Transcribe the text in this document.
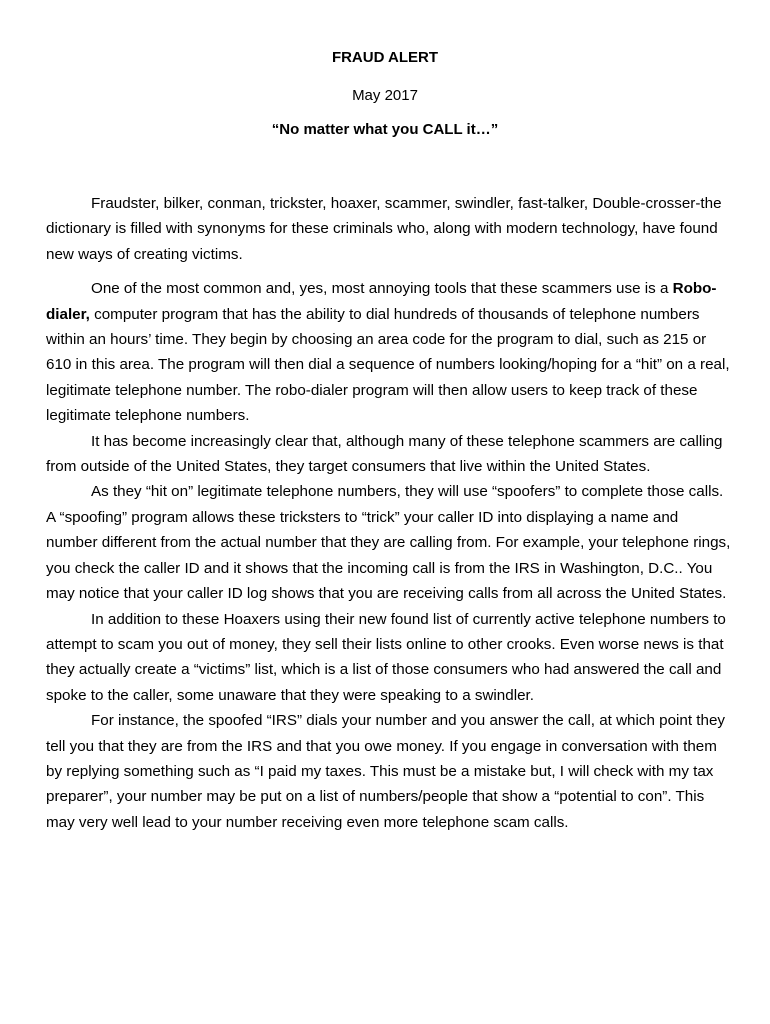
FRAUD ALERT
May 2017
“No matter what you CALL it…”

Fraudster, bilker, conman, trickster, hoaxer, scammer, swindler, fast-talker, Double-crosser-the dictionary is filled with synonyms for these criminals who, along with modern technology, have found new ways of creating victims.

One of the most common and, yes, most annoying tools that these scammers use is a Robo-dialer, computer program that has the ability to dial hundreds of thousands of telephone numbers within an hours’ time. They begin by choosing an area code for the program to dial, such as 215 or 610 in this area. The program will then dial a sequence of numbers looking/hoping for a “hit” on a real, legitimate telephone number. The robo-dialer program will then allow users to keep track of these legitimate telephone numbers.

It has become increasingly clear that, although many of these telephone scammers are calling from outside of the United States, they target consumers that live within the United States.

As they “hit on” legitimate telephone numbers, they will use “spoofers” to complete those calls. A “spoofing” program allows these tricksters to “trick” your caller ID into displaying a name and number different from the actual number that they are calling from. For example, your telephone rings, you check the caller ID and it shows that the incoming call is from the IRS in Washington, D.C.. You may notice that your caller ID log shows that you are receiving calls from all across the United States.

In addition to these Hoaxers using their new found list of currently active telephone numbers to attempt to scam you out of money, they sell their lists online to other crooks. Even worse news is that they actually create a “victims” list, which is a list of those consumers who had answered the call and spoke to the caller, some unaware that they were speaking to a swindler.

For instance, the spoofed “IRS” dials your number and you answer the call, at which point they tell you that they are from the IRS and that you owe money. If you engage in conversation with them by replying something such as “I paid my taxes. This must be a mistake but, I will check with my tax preparer”, your number may be put on a list of numbers/people that show a “potential to con”. This may very well lead to your number receiving even more telephone scam calls.
